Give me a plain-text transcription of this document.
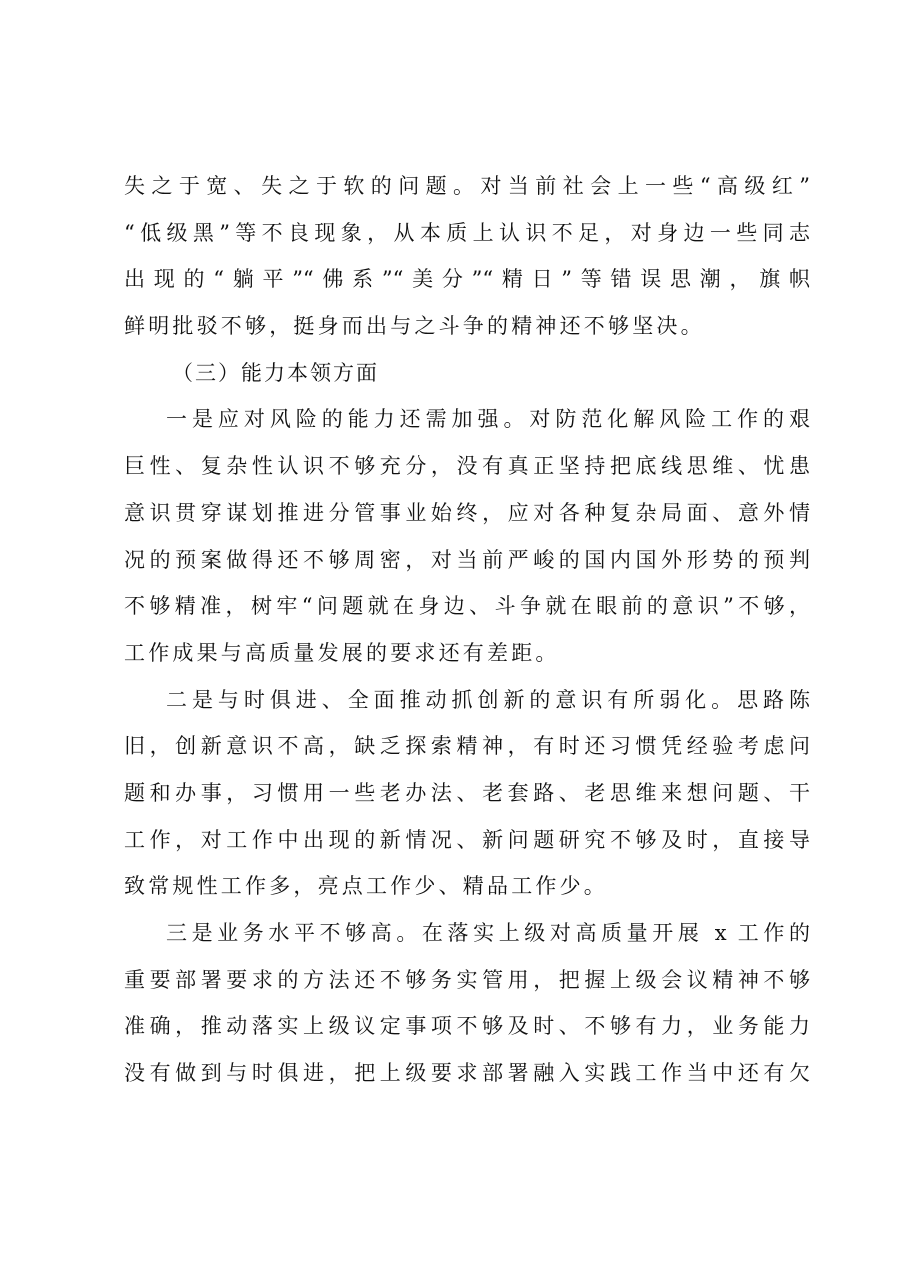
失之于宽、失之于软的问题。对当前社会上一些“高级红”
“低级黑”等不良现象，从本质上认识不足，对身边一些同志
出现的“躺平”“佛系”“美分”“精日”等错误思潮，旗帜
鲜明批驳不够，挺身而出与之斗争的精神还不够坚决。
（三）能力本领方面
一是应对风险的能力还需加强。对防范化解风险工作的艰
巨性、复杂性认识不够充分，没有真正坚持把底线思维、忧患
意识贯穿谋划推进分管事业始终，应对各种复杂局面、意外情
况的预案做得还不够周密，对当前严峻的国内国外形势的预判
不够精准，树牢“问题就在身边、斗争就在眼前的意识”不够，
工作成果与高质量发展的要求还有差距。
二是与时俱进、全面推动抓创新的意识有所弱化。思路陈
旧，创新意识不高，缺乏探索精神，有时还习惯凭经验考虑问
题和办事，习惯用一些老办法、老套路、老思维来想问题、干
工作，对工作中出现的新情况、新问题研究不够及时，直接导
致常规性工作多，亮点工作少、精品工作少。
三是业务水平不够高。在落实上级对高质量开展 x 工作的
重要部署要求的方法还不够务实管用，把握上级会议精神不够
准确，推动落实上级议定事项不够及时、不够有力，业务能力
没有做到与时俱进，把上级要求部署融入实践工作当中还有欠
